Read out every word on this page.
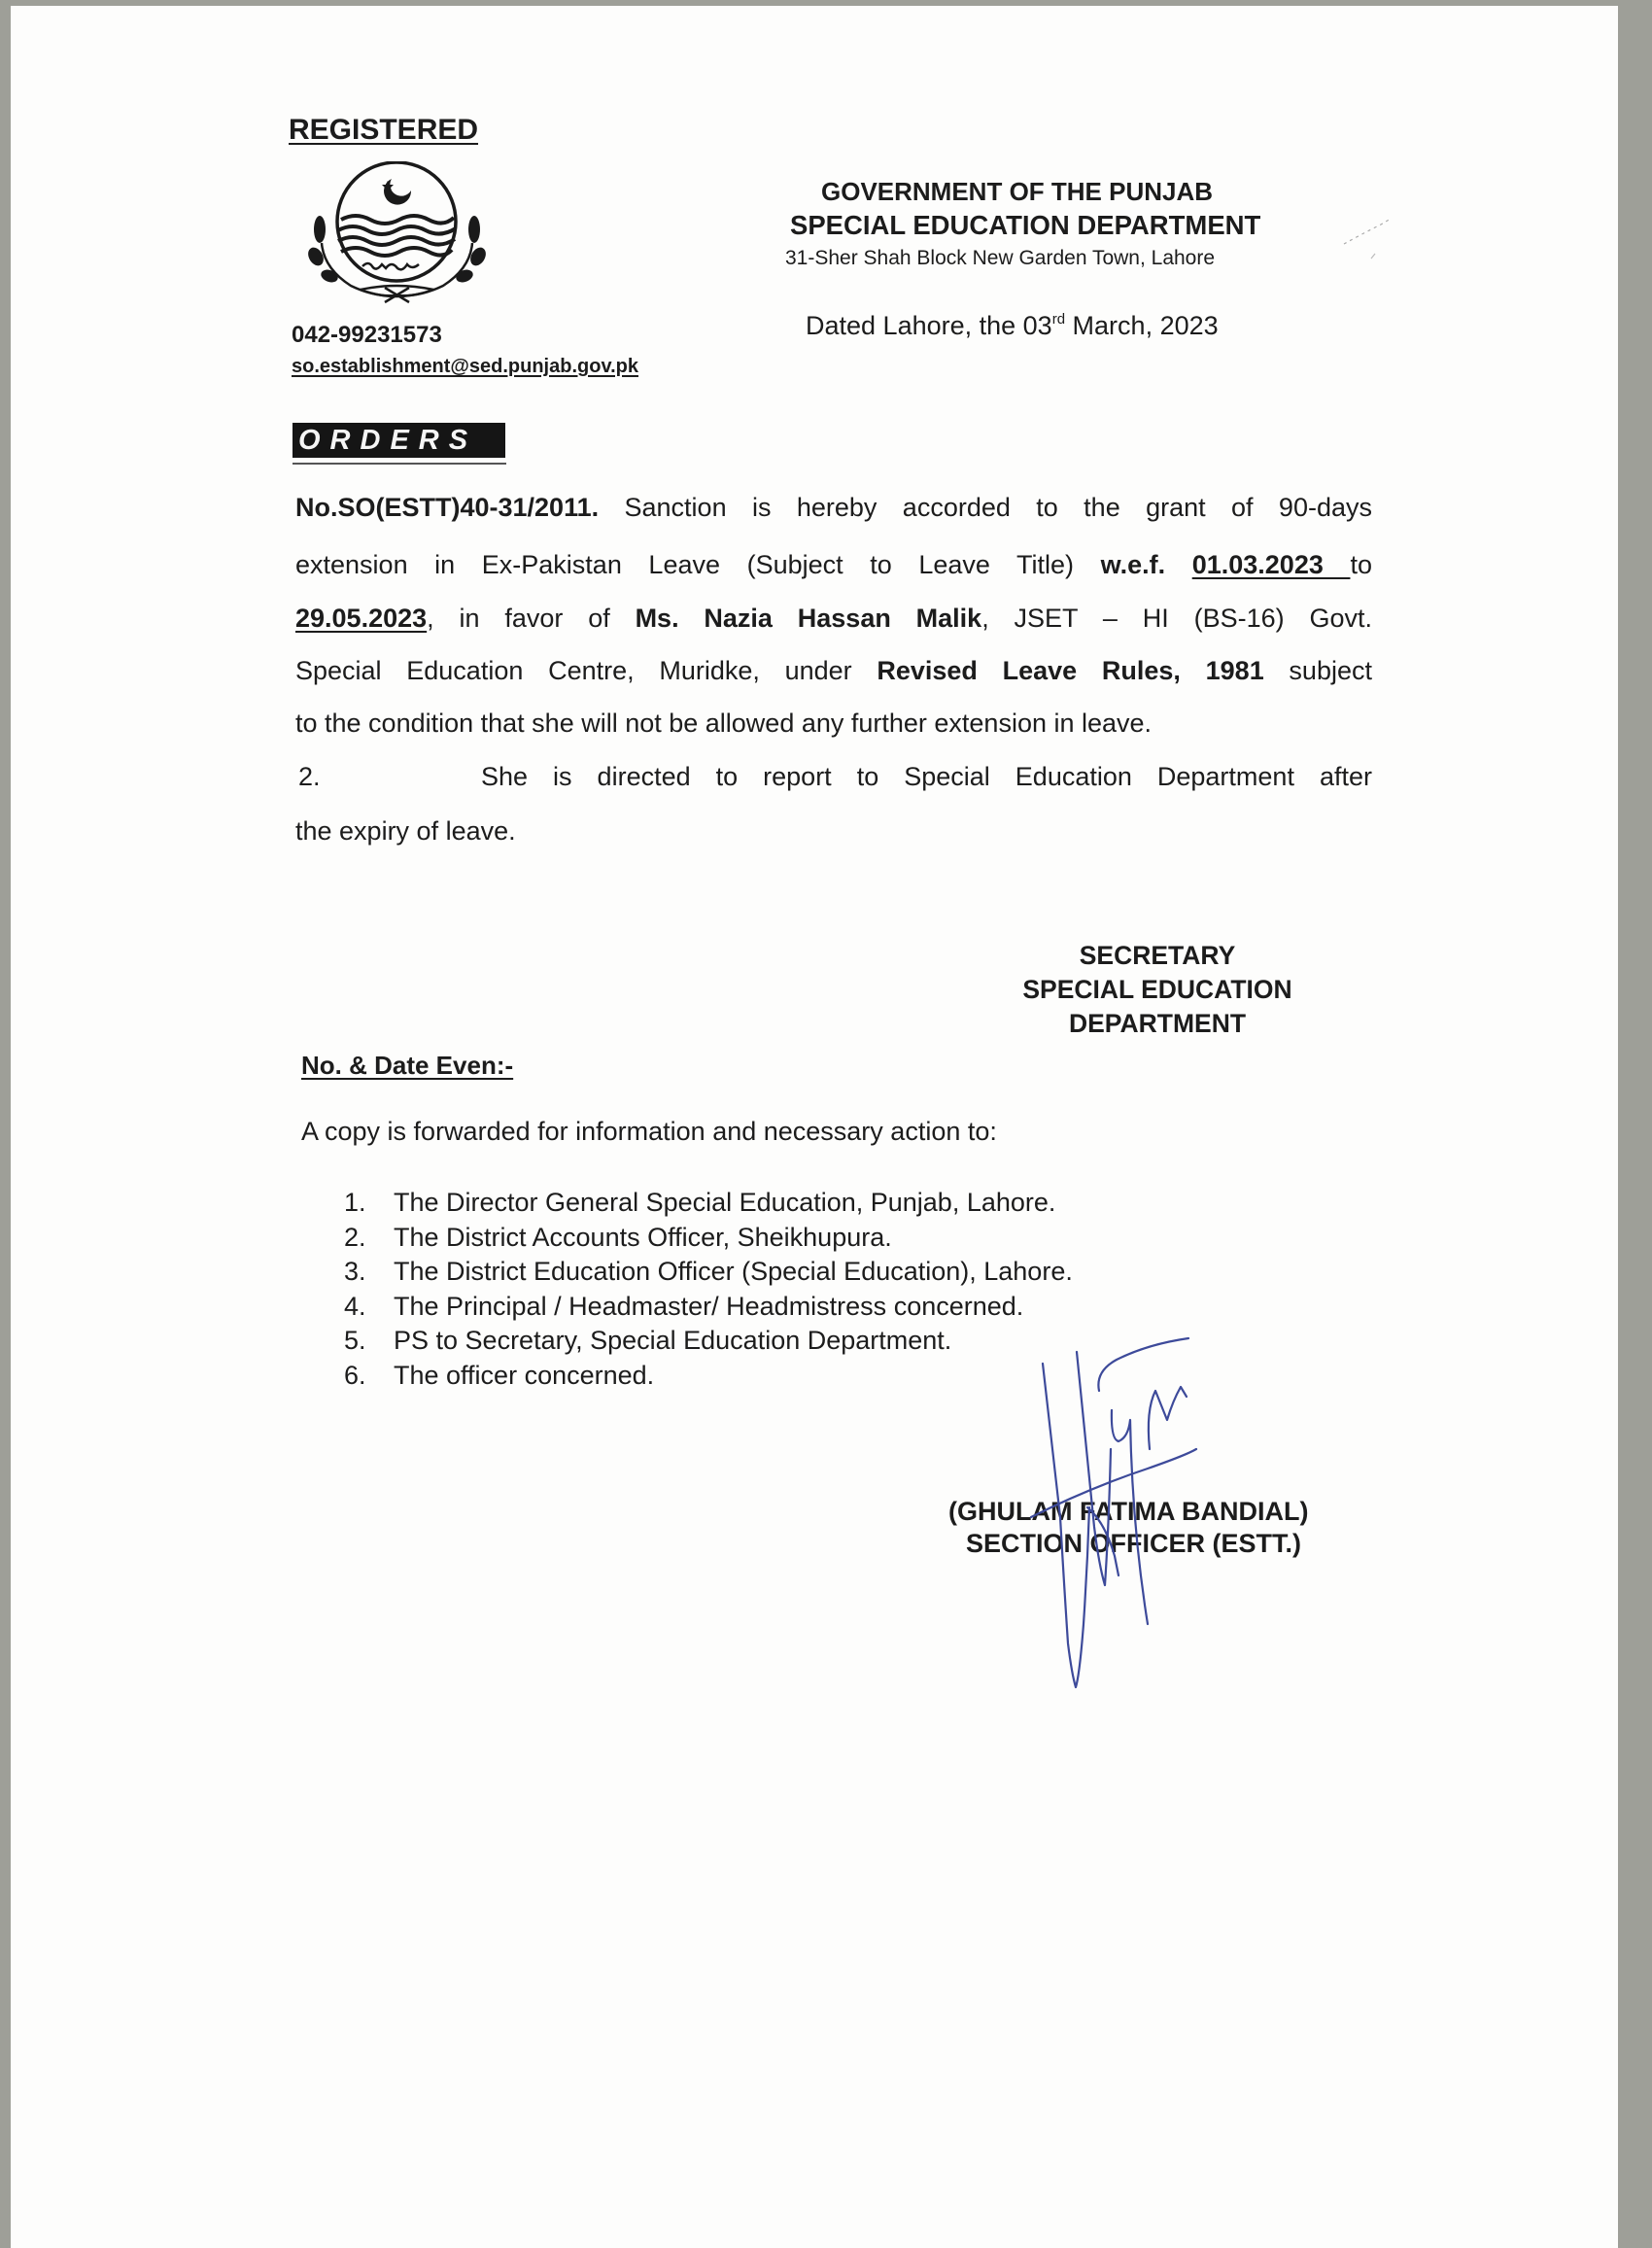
REGISTERED
042-99231573
so.establishment@sed.punjab.gov.pk
GOVERNMENT OF THE PUNJAB
SPECIAL EDUCATION DEPARTMENT
31-Sher Shah Block New Garden Town, Lahore
Dated Lahore, the 03rd March, 2023
ORDERS
No.SO(ESTT)40-31/2011. Sanction is hereby accorded to the grant of 90-days
extension in Ex-Pakistan Leave (Subject to Leave Title) w.e.f. 01.03.2023 to
29.05.2023, in favor of Ms. Nazia Hassan Malik, JSET – HI (BS-16) Govt.
Special Education Centre, Muridke, under Revised Leave Rules, 1981 subject
to the condition that she will not be allowed any further extension in leave.
2.	She is directed to report to Special Education Department after
the expiry of leave.
SECRETARY
SPECIAL EDUCATION
DEPARTMENT
No. & Date Even:-
A copy is forwarded for information and necessary action to:
1. The Director General Special Education, Punjab, Lahore.
2. The District Accounts Officer, Sheikhupura.
3. The District Education Officer (Special Education), Lahore.
4. The Principal / Headmaster/ Headmistress concerned.
5. PS to Secretary, Special Education Department.
6. The officer concerned.
(GHULAM FATIMA BANDIAL)
SECTION OFFICER (ESTT.)
